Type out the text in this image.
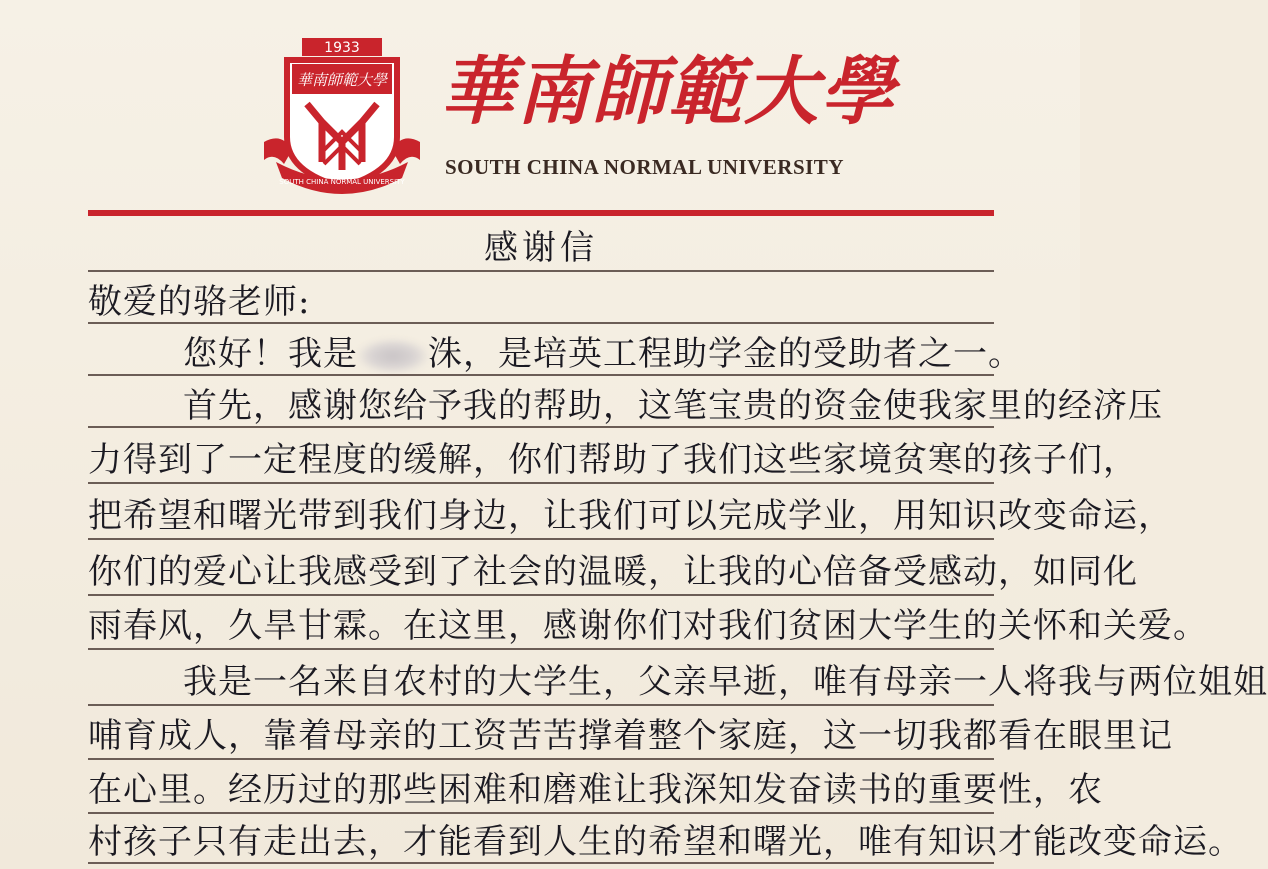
1933
華南師範大學
SOUTH CHINA NORMAL UNIVERSITY
華南師範大學
SOUTH CHINA NORMAL UNIVERSITY
感谢信
敬爱的骆老师:
您好！我是 洙，是培英工程助学金的受助者之一。
首先，感谢您给予我的帮助，这笔宝贵的资金使我家里的经济压
力得到了一定程度的缓解，你们帮助了我们这些家境贫寒的孩子们，
把希望和曙光带到我们身边，让我们可以完成学业，用知识改变命运，
你们的爱心让我感受到了社会的温暖，让我的心倍备受感动，如同化
雨春风，久旱甘霖。在这里，感谢你们对我们贫困大学生的关怀和关爱。
我是一名来自农村的大学生，父亲早逝，唯有母亲一人将我与两位姐姐
哺育成人，靠着母亲的工资苦苦撑着整个家庭，这一切我都看在眼里记
在心里。经历过的那些困难和磨难让我深知发奋读书的重要性，农
村孩子只有走出去，才能看到人生的希望和曙光，唯有知识才能改变命运。
